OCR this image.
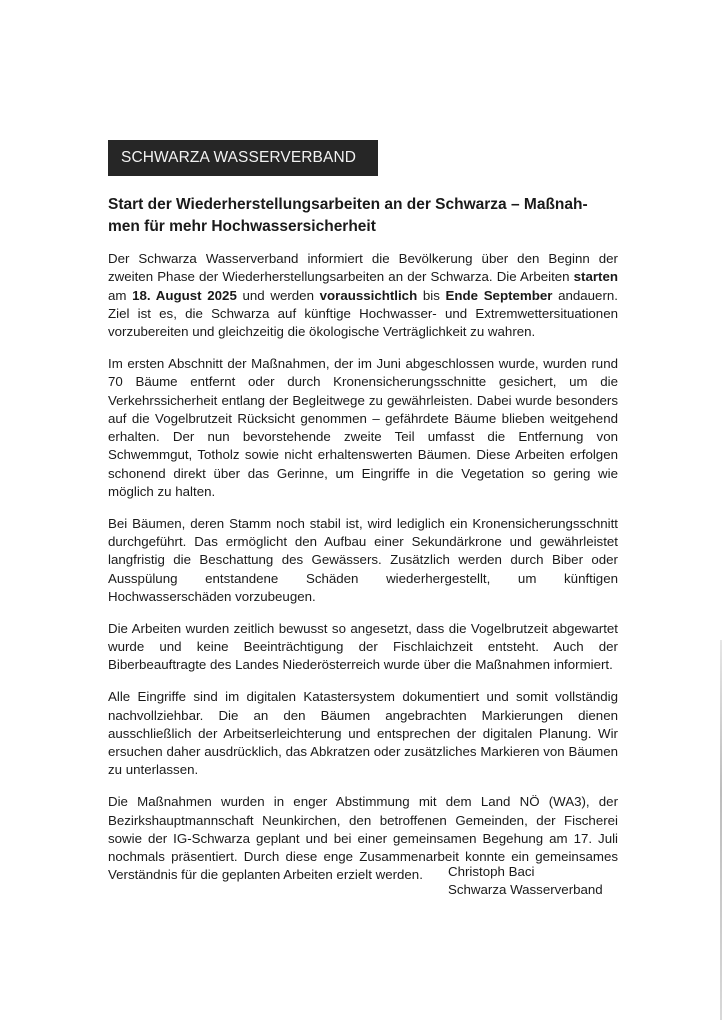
SCHWARZA WASSERVERBAND
Start der Wiederherstellungsarbeiten an der Schwarza – Maßnah-
men für mehr Hochwassersicherheit

Der Schwarza Wasserverband informiert die Bevölkerung über den Beginn der zweiten Phase der Wiederherstellungsarbeiten an der Schwarza. Die Arbeiten starten am 18. August 2025 und werden voraussichtlich bis Ende September andauern. Ziel ist es, die Schwarza auf künftige Hochwasser- und Extremwettersituationen vorzubereiten und gleichzeitig die ökologische Verträglichkeit zu wahren.

Im ersten Abschnitt der Maßnahmen, der im Juni abgeschlossen wurde, wurden rund 70 Bäume entfernt oder durch Kronensicherungsschnitte gesichert, um die Verkehrssicherheit entlang der Begleitwege zu gewährleisten. Dabei wurde besonders auf die Vogelbrutzeit Rücksicht genommen – gefährdete Bäume blieben weitgehend erhalten. Der nun bevorstehende zweite Teil umfasst die Entfernung von Schwemmgut, Totholz sowie nicht erhaltenswerten Bäumen. Diese Arbeiten erfolgen schonend direkt über das Gerinne, um Eingriffe in die Vegetation so gering wie möglich zu halten.

Bei Bäumen, deren Stamm noch stabil ist, wird lediglich ein Kronensicherungsschnitt durchgeführt. Das ermöglicht den Aufbau einer Sekundärkrone und gewährleistet langfristig die Beschattung des Gewässers. Zusätzlich werden durch Biber oder Ausspülung entstandene Schäden wiederhergestellt, um künftigen Hochwasserschäden vorzubeugen.

Die Arbeiten wurden zeitlich bewusst so angesetzt, dass die Vogelbrutzeit abgewartet wurde und keine Beeinträchtigung der Fischlaichzeit entsteht. Auch der Biberbeauftragte des Landes Niederösterreich wurde über die Maßnahmen informiert.

Alle Eingriffe sind im digitalen Katastersystem dokumentiert und somit vollständig nachvollziehbar. Die an den Bäumen angebrachten Markierungen dienen ausschließlich der Arbeitserleichterung und entsprechen der digitalen Planung. Wir ersuchen daher ausdrücklich, das Abkratzen oder zusätzliches Markieren von Bäumen zu unterlassen.

Die Maßnahmen wurden in enger Abstimmung mit dem Land NÖ (WA3), der Bezirkshauptmannschaft Neunkirchen, den betroffenen Gemeinden, der Fischerei sowie der IG-Schwarza geplant und bei einer gemeinsamen Begehung am 17. Juli nochmals präsentiert. Durch diese enge Zusammenarbeit konnte ein gemeinsames Verständnis für die geplanten Arbeiten erzielt werden.	Christoph Baci
Schwarza Wasserverband
